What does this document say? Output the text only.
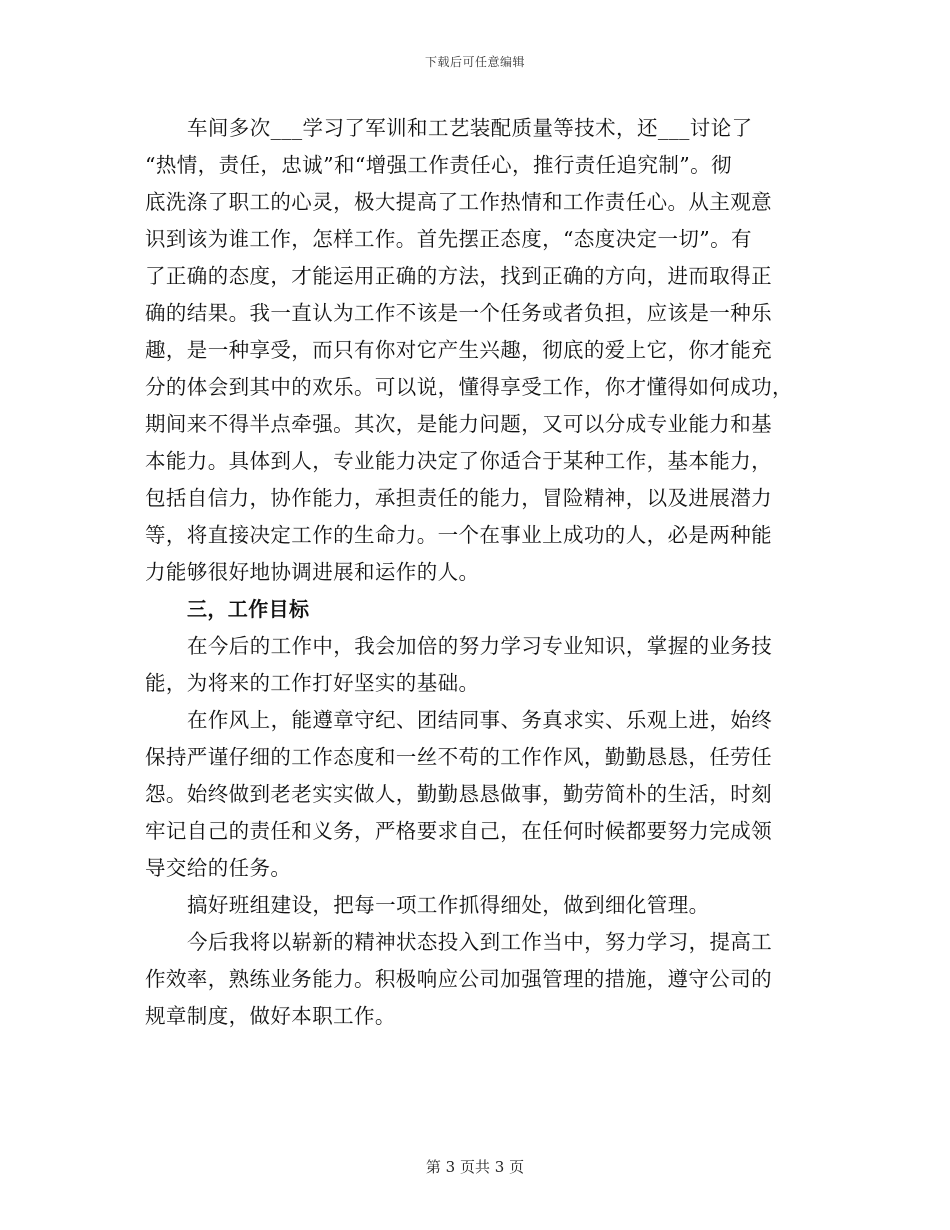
下载后可任意编辑
车间多次___学习了军训和工艺装配质量等技术，还___讨论了
“热情，责任，忠诚”和“增强工作责任心，推行责任追究制”。彻
底洗涤了职工的心灵，极大提高了工作热情和工作责任心。从主观意
识到该为谁工作，怎样工作。首先摆正态度，“态度决定一切”。有
了正确的态度，才能运用正确的方法，找到正确的方向，进而取得正
确的结果。我一直认为工作不该是一个任务或者负担，应该是一种乐
趣，是一种享受，而只有你对它产生兴趣，彻底的爱上它，你才能充
分的体会到其中的欢乐。可以说，懂得享受工作，你才懂得如何成功，
期间来不得半点牵强。其次，是能力问题，又可以分成专业能力和基
本能力。具体到人，专业能力决定了你适合于某种工作，基本能力，
包括自信力，协作能力，承担责任的能力，冒险精神，以及进展潜力
等，将直接决定工作的生命力。一个在事业上成功的人，必是两种能
力能够很好地协调进展和运作的人。
三，工作目标
在今后的工作中，我会加倍的努力学习专业知识，掌握的业务技
能，为将来的工作打好坚实的基础。
在作风上，能遵章守纪、团结同事、务真求实、乐观上进，始终
保持严谨仔细的工作态度和一丝不苟的工作作风，勤勤恳恳，任劳任
怨。始终做到老老实实做人，勤勤恳恳做事，勤劳简朴的生活，时刻
牢记自己的责任和义务，严格要求自己，在任何时候都要努力完成领
导交给的任务。
搞好班组建设，把每一项工作抓得细处，做到细化管理。
今后我将以崭新的精神状态投入到工作当中，努力学习，提高工
作效率，熟练业务能力。积极响应公司加强管理的措施，遵守公司的
规章制度，做好本职工作。
第 3 页共 3 页
